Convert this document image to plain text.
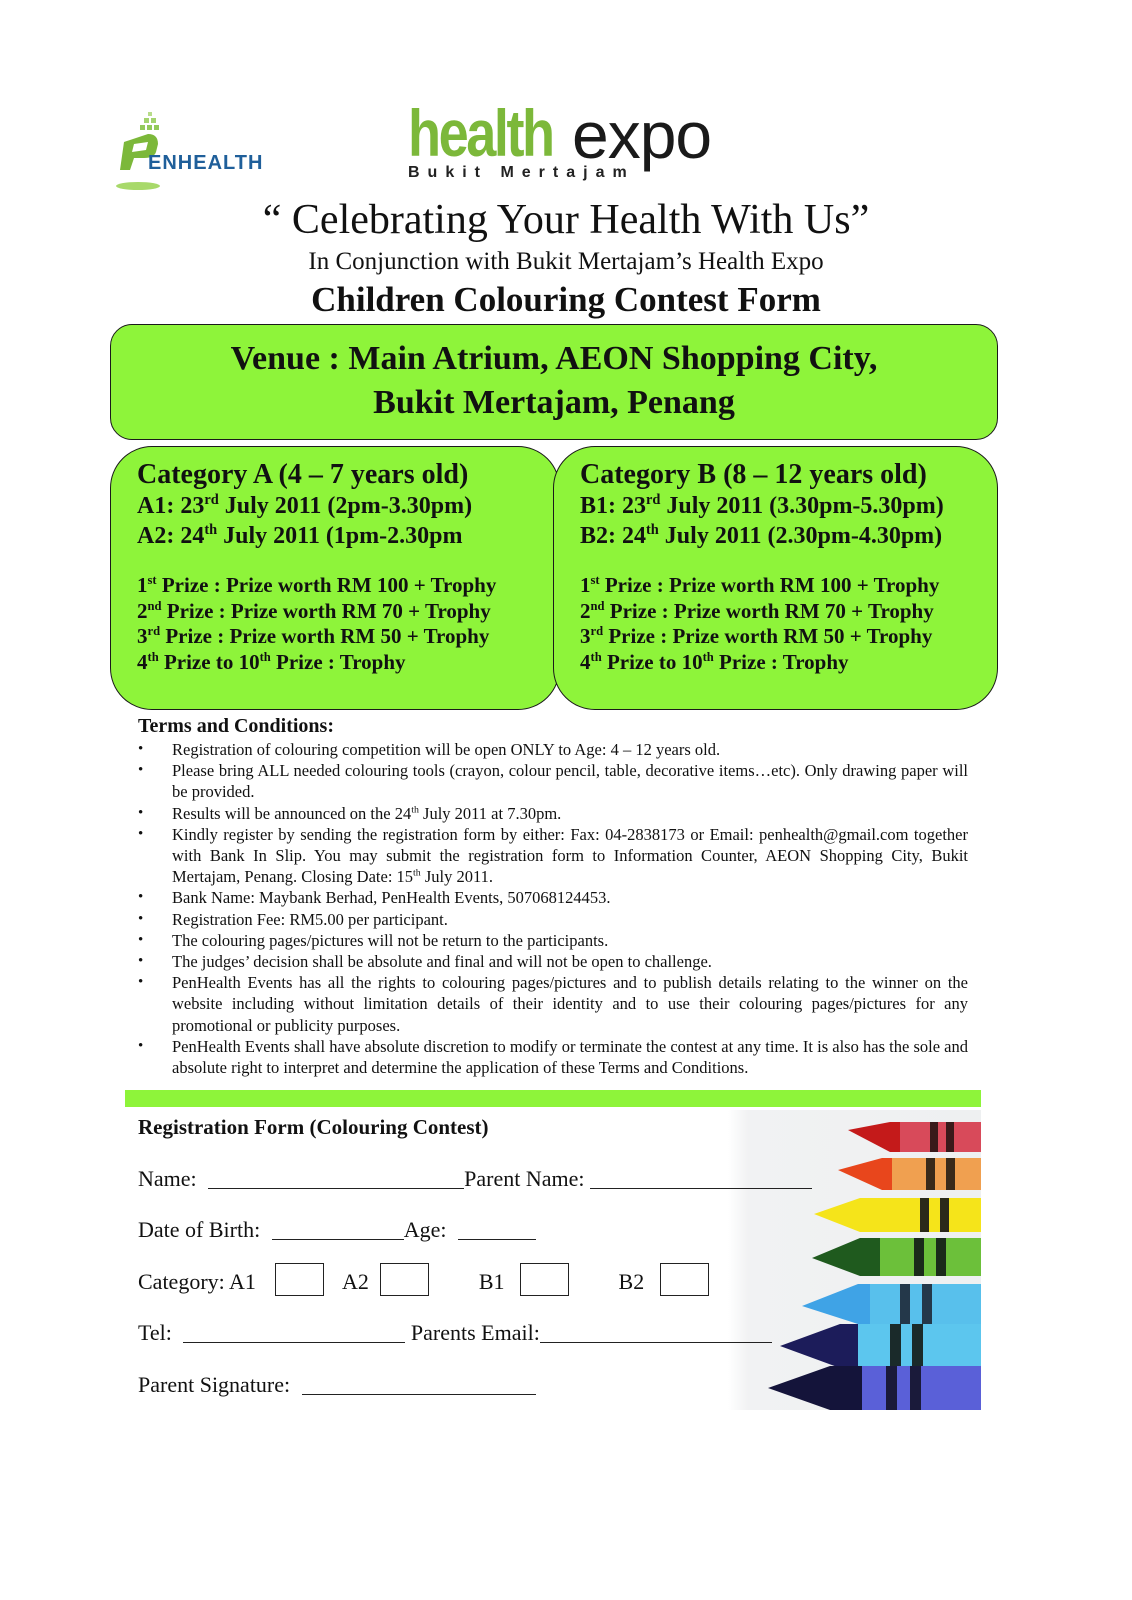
ENHEALTH health expo
Bukit Mertajam
“ Celebrating Your Health With Us”
In Conjunction with Bukit Mertajam’s Health Expo
Children Colouring Contest Form
Venue : Main Atrium, AEON Shopping City,
Bukit Mertajam, Penang
Category A (4 – 7 years old)
A1: 23rd July 2011 (2pm-3.30pm)
A2: 24th July 2011 (1pm-2.30pm
1st Prize : Prize worth RM 100 + Trophy
2nd Prize : Prize worth RM 70 + Trophy
3rd Prize : Prize worth RM 50 + Trophy
4th Prize to 10th Prize : Trophy
Category B (8 – 12 years old)
B1: 23rd July 2011 (3.30pm-5.30pm)
B2: 24th July 2011 (2.30pm-4.30pm)
1st Prize : Prize worth RM 100 + Trophy
2nd Prize : Prize worth RM 70 + Trophy
3rd Prize : Prize worth RM 50 + Trophy
4th Prize to 10th Prize : Trophy
Terms and Conditions:
• Registration of colouring competition will be open ONLY to Age: 4 – 12 years old.
• Please bring ALL needed colouring tools (crayon, colour pencil, table, decorative items…etc). Only drawing paper will be provided.
• Results will be announced on the 24th July 2011 at 7.30pm.
• Kindly register by sending the registration form by either: Fax: 04-2838173 or Email: penhealth@gmail.com together with Bank In Slip. You may submit the registration form to Information Counter, AEON Shopping City, Bukit Mertajam, Penang. Closing Date: 15th July 2011.
• Bank Name: Maybank Berhad, PenHealth Events, 507068124453.
• Registration Fee: RM5.00 per participant.
• The colouring pages/pictures will not be return to the participants.
• The judges’ decision shall be absolute and final and will not be open to challenge.
• PenHealth Events has all the rights to colouring pages/pictures and to publish details relating to the winner on the website including without limitation details of their identity and to use their colouring pages/pictures for any promotional or publicity purposes.
• PenHealth Events shall have absolute discretion to modify or terminate the contest at any time. It is also has the sole and absolute right to interpret and determine the application of these Terms and Conditions.
Registration Form (Colouring Contest)
Name:	Parent Name:
Date of Birth:	Age:
Category: A1	A2	B1	B2
Tel:	Parents Email:
Parent Signature:
